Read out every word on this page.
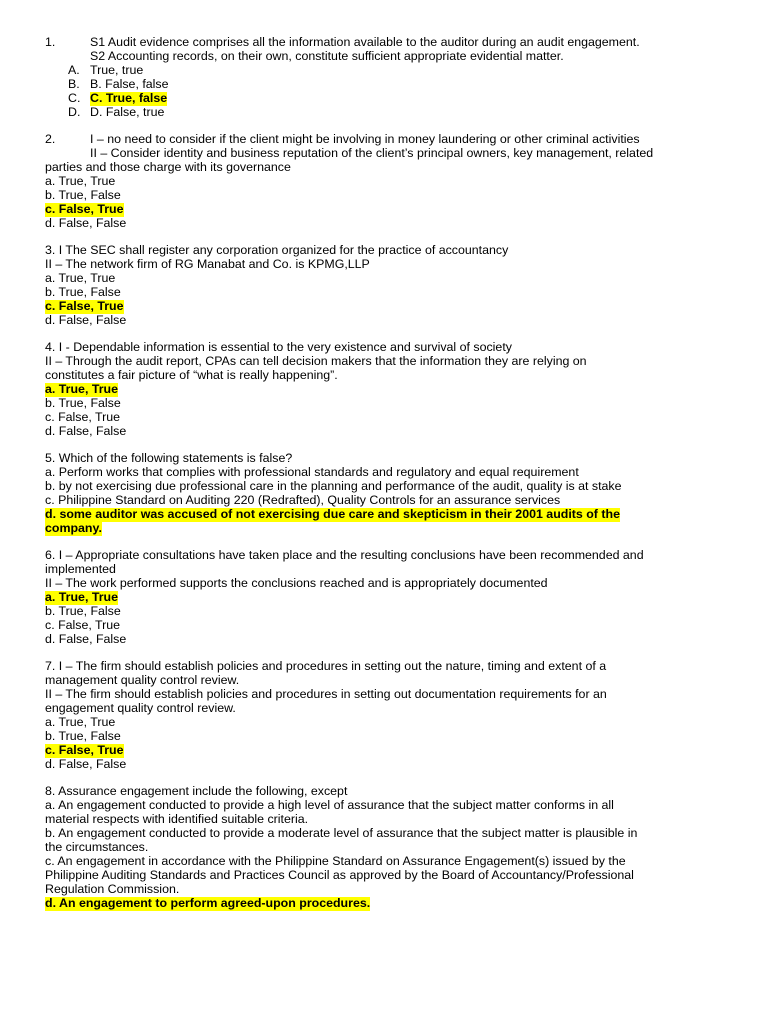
1.	S1 Audit evidence comprises all the information available to the auditor during an audit engagement.
S2 Accounting records, on their own, constitute sufficient appropriate evidential matter.
A. True, true
B. B. False, false
C. C. True, false
D. D. False, true
2.	I – no need to consider if the client might be involving in money laundering or other criminal activities
II – Consider identity and business reputation of the client’s principal owners, key management, related
parties and those charge with its governance
a. True, True
b. True, False
c. False, True
d. False, False
3. I The SEC shall register any corporation organized for the practice of accountancy
II – The network firm of RG Manabat and Co. is KPMG,LLP
a. True, True
b. True, False
c. False, True
d. False, False
4. I - Dependable information is essential to the very existence and survival of society
II – Through the audit report, CPAs can tell decision makers that the information they are relying on
constitutes a fair picture of “what is really happening”.
a. True, True
b. True, False
c. False, True
d. False, False
5. Which of the following statements is false?
a. Perform works that complies with professional standards and regulatory and equal requirement
b. by not exercising due professional care in the planning and performance of the audit, quality is at stake
c. Philippine Standard on Auditing 220 (Redrafted), Quality Controls for an assurance services
d. some auditor was accused of not exercising due care and skepticism in their 2001 audits of the
company.
6. I – Appropriate consultations have taken place and the resulting conclusions have been recommended and
implemented
II – The work performed supports the conclusions reached and is appropriately documented
a. True, True
b. True, False
c. False, True
d. False, False
7. I – The firm should establish policies and procedures in setting out the nature, timing and extent of a
management quality control review.
II – The firm should establish policies and procedures in setting out documentation requirements for an
engagement quality control review.
a. True, True
b. True, False
c. False, True
d. False, False
8. Assurance engagement include the following, except
a. An engagement conducted to provide a high level of assurance that the subject matter conforms in all
material respects with identified suitable criteria.
b. An engagement conducted to provide a moderate level of assurance that the subject matter is plausible in
the circumstances.
c. An engagement in accordance with the Philippine Standard on Assurance Engagement(s) issued by the
Philippine Auditing Standards and Practices Council as approved by the Board of Accountancy/Professional
Regulation Commission.
d. An engagement to perform agreed-upon procedures.
